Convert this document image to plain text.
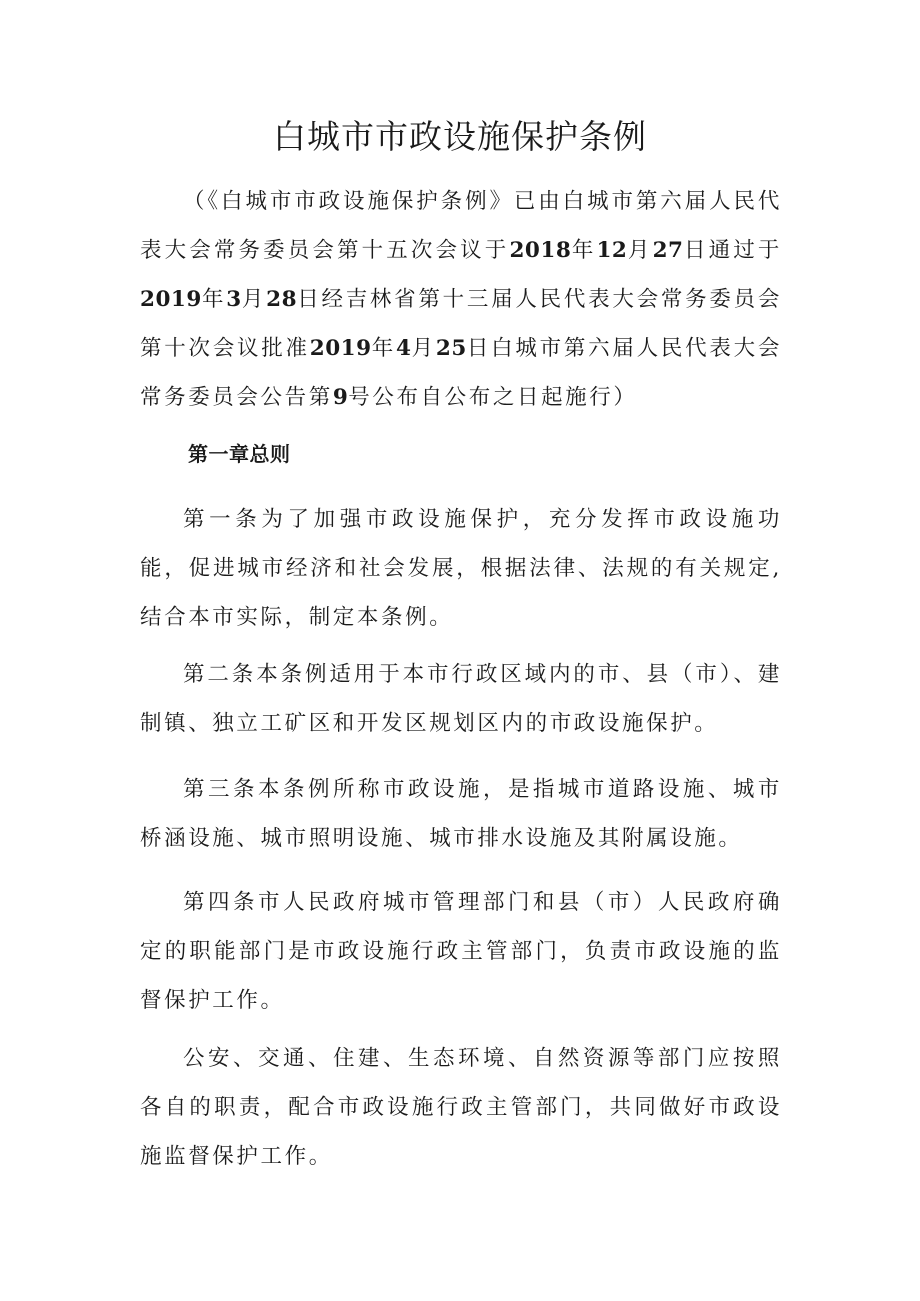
白城市市政设施保护条例

（《白城市市政设施保护条例》已由白城市第六届人民代表大会常务委员会第十五次会议于2018年12月27日通过于2019年3月28日经吉林省第十三届人民代表大会常务委员会第十次会议批准2019年4月25日白城市第六届人民代表大会常务委员会公告第9号公布自公布之日起施行）

第一章总则

第一条为了加强市政设施保护，充分发挥市政设施功能，促进城市经济和社会发展，根据法律、法规的有关规定,结合本市实际，制定本条例。

第二条本条例适用于本市行政区域内的市、县（市）、建制镇、独立工矿区和开发区规划区内的市政设施保护。

第三条本条例所称市政设施，是指城市道路设施、城市桥涵设施、城市照明设施、城市排水设施及其附属设施。

第四条市人民政府城市管理部门和县（市）人民政府确定的职能部门是市政设施行政主管部门，负责市政设施的监督保护工作。

公安、交通、住建、生态环境、自然资源等部门应按照各自的职责，配合市政设施行政主管部门，共同做好市政设施监督保护工作。
